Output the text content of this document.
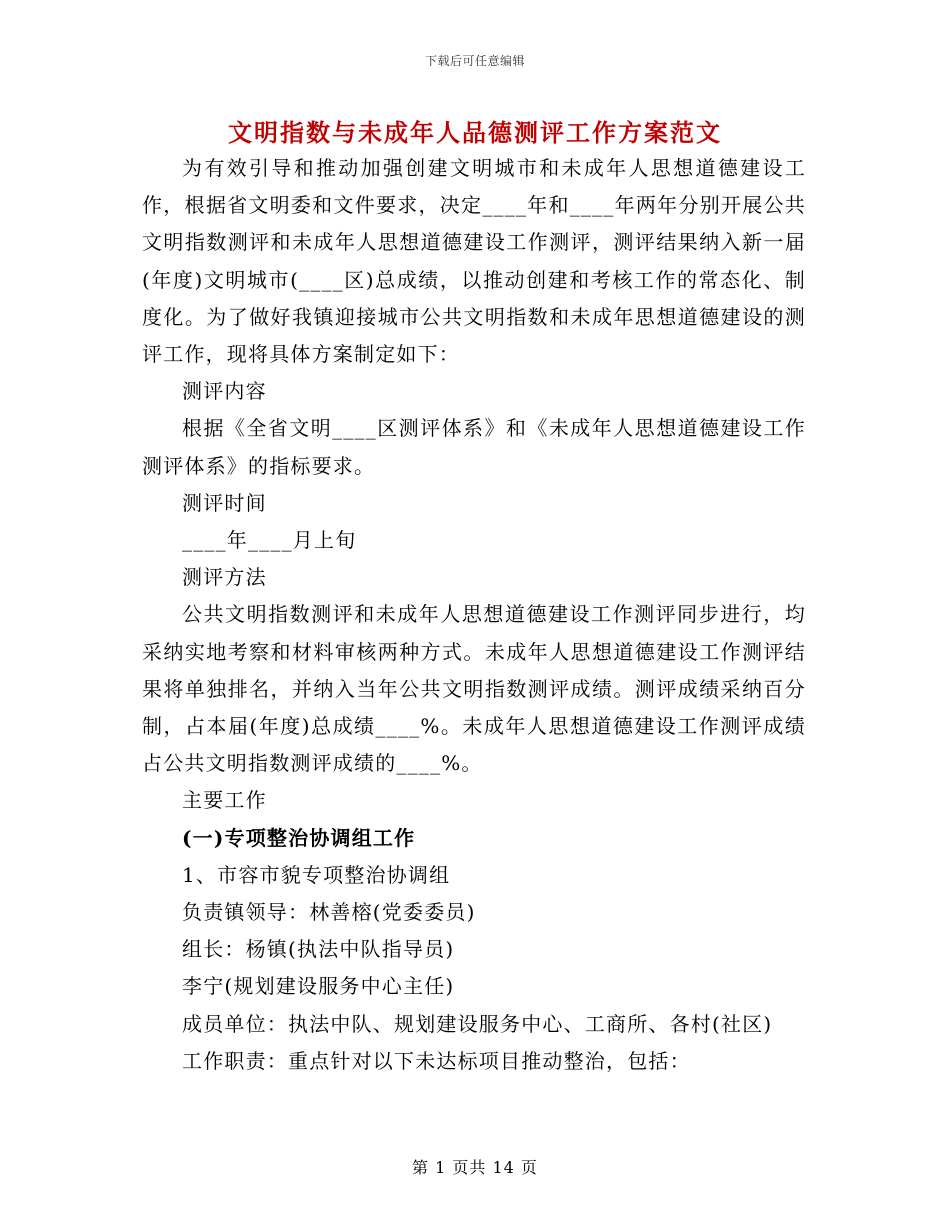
下载后可任意编辑
文明指数与未成年人品德测评工作方案范文

为有效引导和推动加强创建文明城市和未成年人思想道德建设工作，根据省文明委和文件要求，决定____年和____年两年分别开展公共文明指数测评和未成年人思想道德建设工作测评，测评结果纳入新一届(年度)文明城市(____区)总成绩，以推动创建和考核工作的常态化、制度化。为了做好我镇迎接城市公共文明指数和未成年思想道德建设的测评工作，现将具体方案制定如下：

测评内容

根据《全省文明____区测评体系》和《未成年人思想道德建设工作测评体系》的指标要求。

测评时间

____年____月上旬

测评方法

公共文明指数测评和未成年人思想道德建设工作测评同步进行，均采纳实地考察和材料审核两种方式。未成年人思想道德建设工作测评结果将单独排名，并纳入当年公共文明指数测评成绩。测评成绩采纳百分制，占本届(年度)总成绩____%。未成年人思想道德建设工作测评成绩占公共文明指数测评成绩的____%。

主要工作

(一)专项整治协调组工作

1、市容市貌专项整治协调组

负责镇领导：林善榕(党委委员)

组长：杨镇(执法中队指导员)

李宁(规划建设服务中心主任)

成员单位：执法中队、规划建设服务中心、工商所、各村(社区)

工作职责：重点针对以下未达标项目推动整治，包括：

第 1 页共 14 页
